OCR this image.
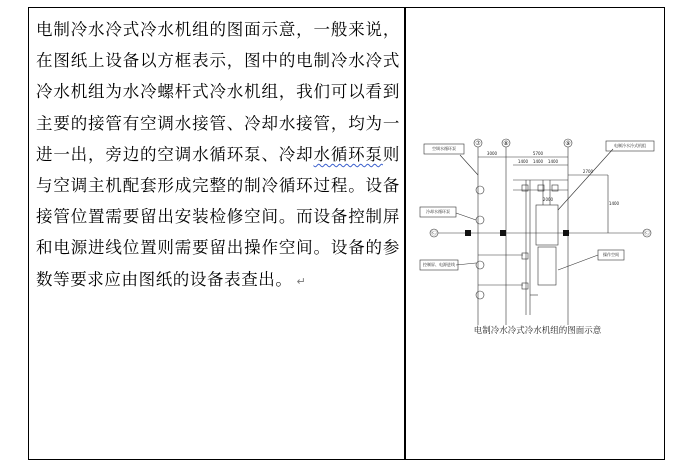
电制冷水冷式冷水机组的图面示意，一般来说，在图纸上设备以方框表示，图中的电制冷水冷式冷水机组为水冷螺杆式冷水机组，我们可以看到主要的接管有空调水接管、冷却水接管，均为一进一出，旁边的空调水循环泵、冷却水循环泵则与空调主机配套形成完整的制冷循环过程。设备接管位置需要留出安装检修空间。而设备控制屏和电源进线位置则需要留出操作空间。设备的参数等要求应由图纸的设备表查出。 ↵
空调水循环泵
电制冷水冷式机组
冷却水循环泵
控制屏、电源进线
操作空间
3000	5700
1400 1400 1400
2700
2000
1400
⑦	⑧	⑨
Ⓒ	Ⓒ
电制冷水冷式冷水机组的图面示意
